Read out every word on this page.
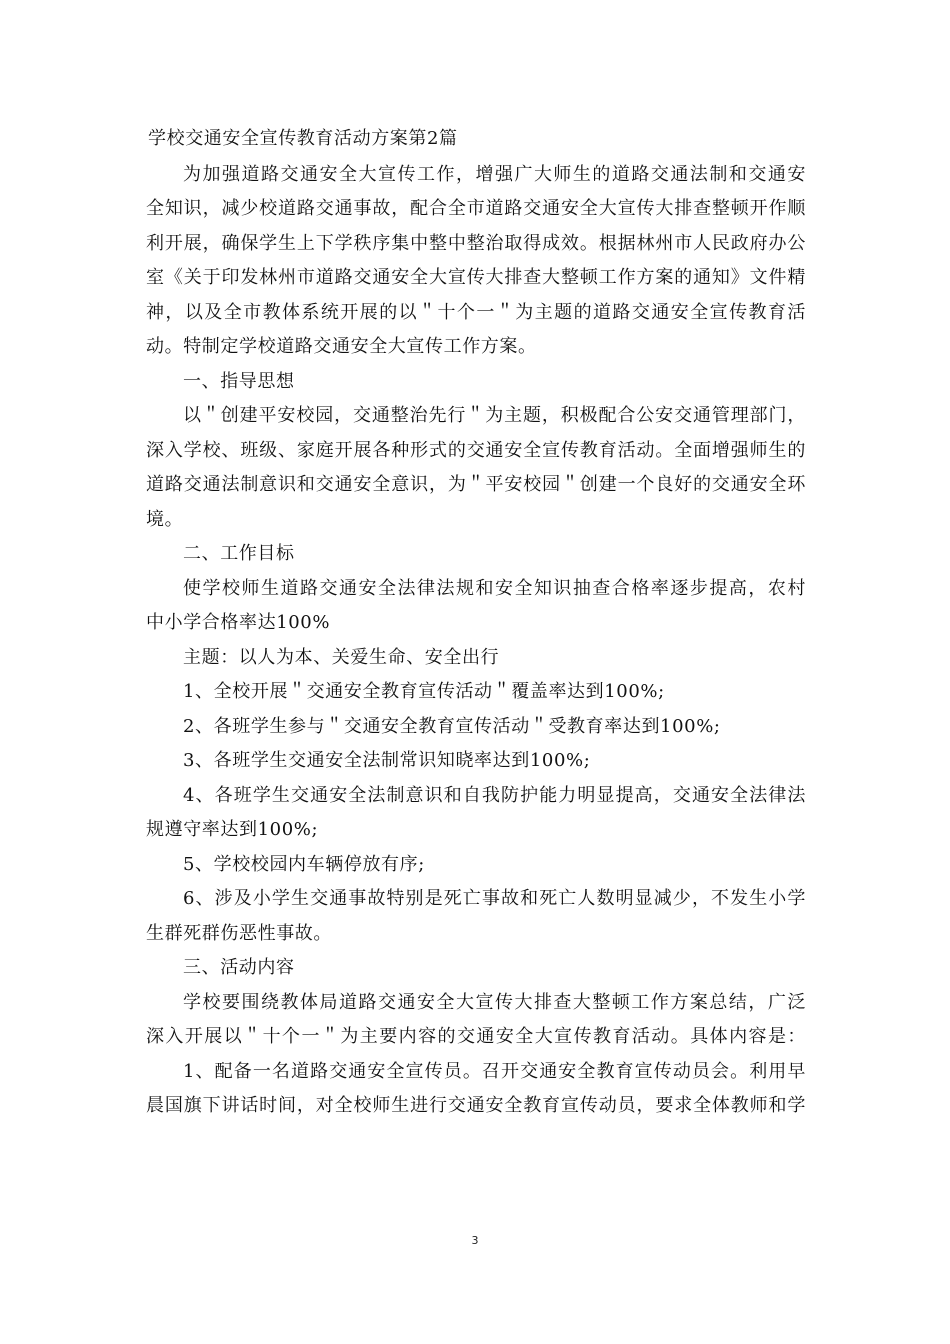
学校交通安全宣传教育活动方案第2篇
为加强道路交通安全大宣传工作，增强广大师生的道路交通法制和交通安
全知识，减少校道路交通事故，配合全市道路交通安全大宣传大排查整顿开作顺
利开展，确保学生上下学秩序集中整中整治取得成效。根据林州市人民政府办公
室《关于印发林州市道路交通安全大宣传大排查大整顿工作方案的通知》文件精
神，以及全市教体系统开展的以＂十个一＂为主题的道路交通安全宣传教育活
动。特制定学校道路交通安全大宣传工作方案。
一、指导思想
以＂创建平安校园，交通整治先行＂为主题，积极配合公安交通管理部门，
深入学校、班级、家庭开展各种形式的交通安全宣传教育活动。全面增强师生的
道路交通法制意识和交通安全意识，为＂平安校园＂创建一个良好的交通安全环
境。
二、工作目标
使学校师生道路交通安全法律法规和安全知识抽查合格率逐步提高，农村
中小学合格率达100%
主题：以人为本、关爱生命、安全出行
1、全校开展＂交通安全教育宣传活动＂覆盖率达到100%;
2、各班学生参与＂交通安全教育宣传活动＂受教育率达到100%;
3、各班学生交通安全法制常识知晓率达到100%;
4、各班学生交通安全法制意识和自我防护能力明显提高，交通安全法律法
规遵守率达到100%;
5、学校校园内车辆停放有序;
6、涉及小学生交通事故特别是死亡事故和死亡人数明显减少，不发生小学
生群死群伤恶性事故。
三、活动内容
学校要围绕教体局道路交通安全大宣传大排查大整顿工作方案总结，广泛
深入开展以＂十个一＂为主要内容的交通安全大宣传教育活动。具体内容是：
1、配备一名道路交通安全宣传员。召开交通安全教育宣传动员会。利用早
晨国旗下讲话时间，对全校师生进行交通安全教育宣传动员，要求全体教师和学
3
